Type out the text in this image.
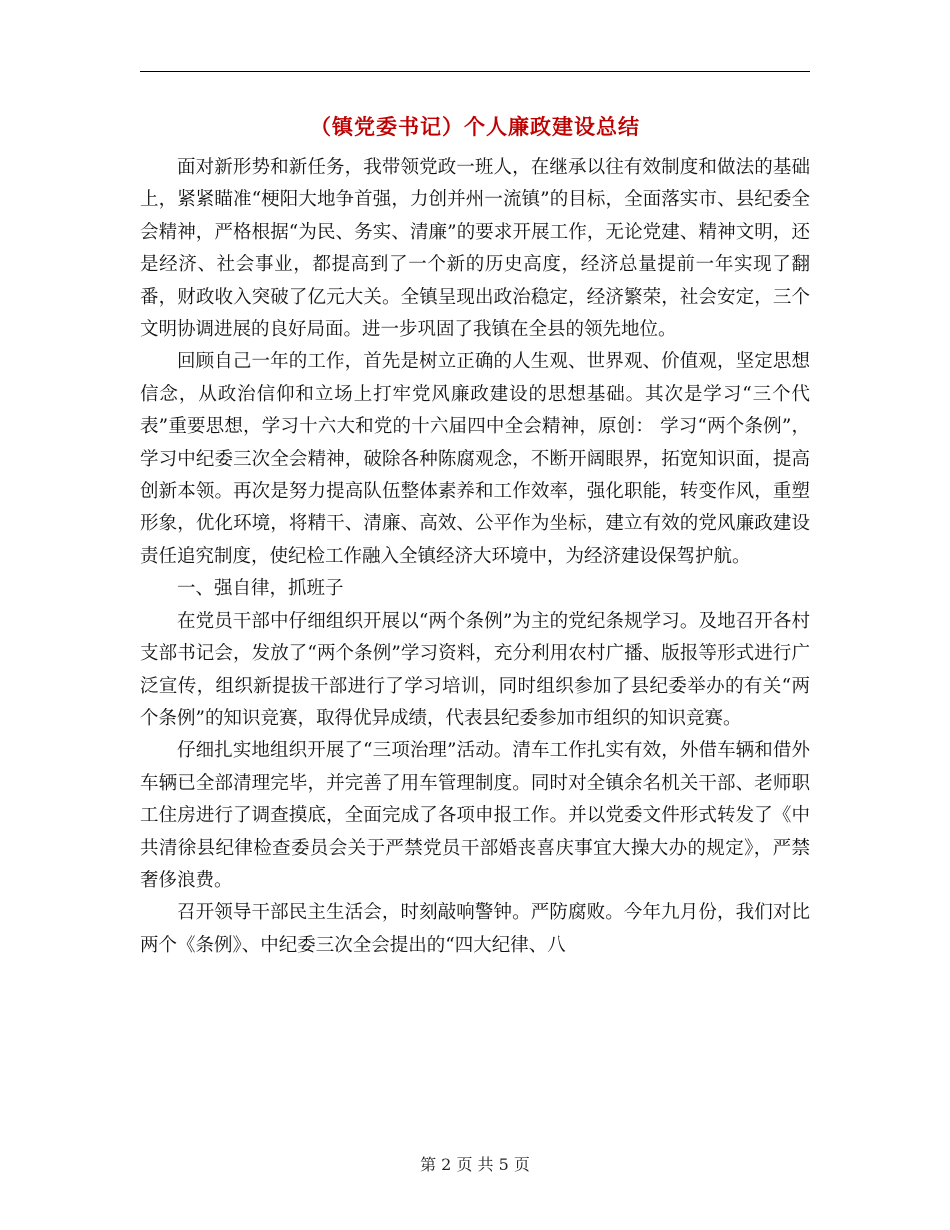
（镇党委书记）个人廉政建设总结

面对新形势和新任务，我带领党政一班人，在继承以往有效制度和做法的基础上，紧紧瞄准“梗阳大地争首强，力创并州一流镇”的目标，全面落实市、县纪委全会精神，严格根据“为民、务实、清廉”的要求开展工作，无论党建、精神文明，还是经济、社会事业，都提高到了一个新的历史高度，经济总量提前一年实现了翻番，财政收入突破了亿元大关。全镇呈现出政治稳定，经济繁荣，社会安定，三个文明协调进展的良好局面。进一步巩固了我镇在全县的领先地位。

回顾自己一年的工作，首先是树立正确的人生观、世界观、价值观，坚定思想信念，从政治信仰和立场上打牢党风廉政建设的思想基础。其次是学习“三个代表”重要思想，学习十六大和党的十六届四中全会精神，原创： 学习“两个条例”，学习中纪委三次全会精神，破除各种陈腐观念，不断开阔眼界，拓宽知识面，提高创新本领。再次是努力提高队伍整体素养和工作效率，强化职能，转变作风，重塑形象，优化环境，将精干、清廉、高效、公平作为坐标，建立有效的党风廉政建设责任追究制度，使纪检工作融入全镇经济大环境中，为经济建设保驾护航。

一、强自律，抓班子

在党员干部中仔细组织开展以“两个条例”为主的党纪条规学习。及地召开各村支部书记会，发放了“两个条例”学习资料，充分利用农村广播、版报等形式进行广泛宣传，组织新提拔干部进行了学习培训，同时组织参加了县纪委举办的有关“两个条例”的知识竞赛，取得优异成绩，代表县纪委参加市组织的知识竞赛。

仔细扎实地组织开展了“三项治理”活动。清车工作扎实有效，外借车辆和借外车辆已全部清理完毕，并完善了用车管理制度。同时对全镇余名机关干部、老师职工住房进行了调查摸底，全面完成了各项申报工作。并以党委文件形式转发了《中共清徐县纪律检查委员会关于严禁党员干部婚丧喜庆事宜大操大办的规定》，严禁奢侈浪费。

召开领导干部民主生活会，时刻敲响警钟。严防腐败。今年九月份，我们对比两个《条例》、中纪委三次全会提出的“四大纪律、八

第 2 页 共 5 页
